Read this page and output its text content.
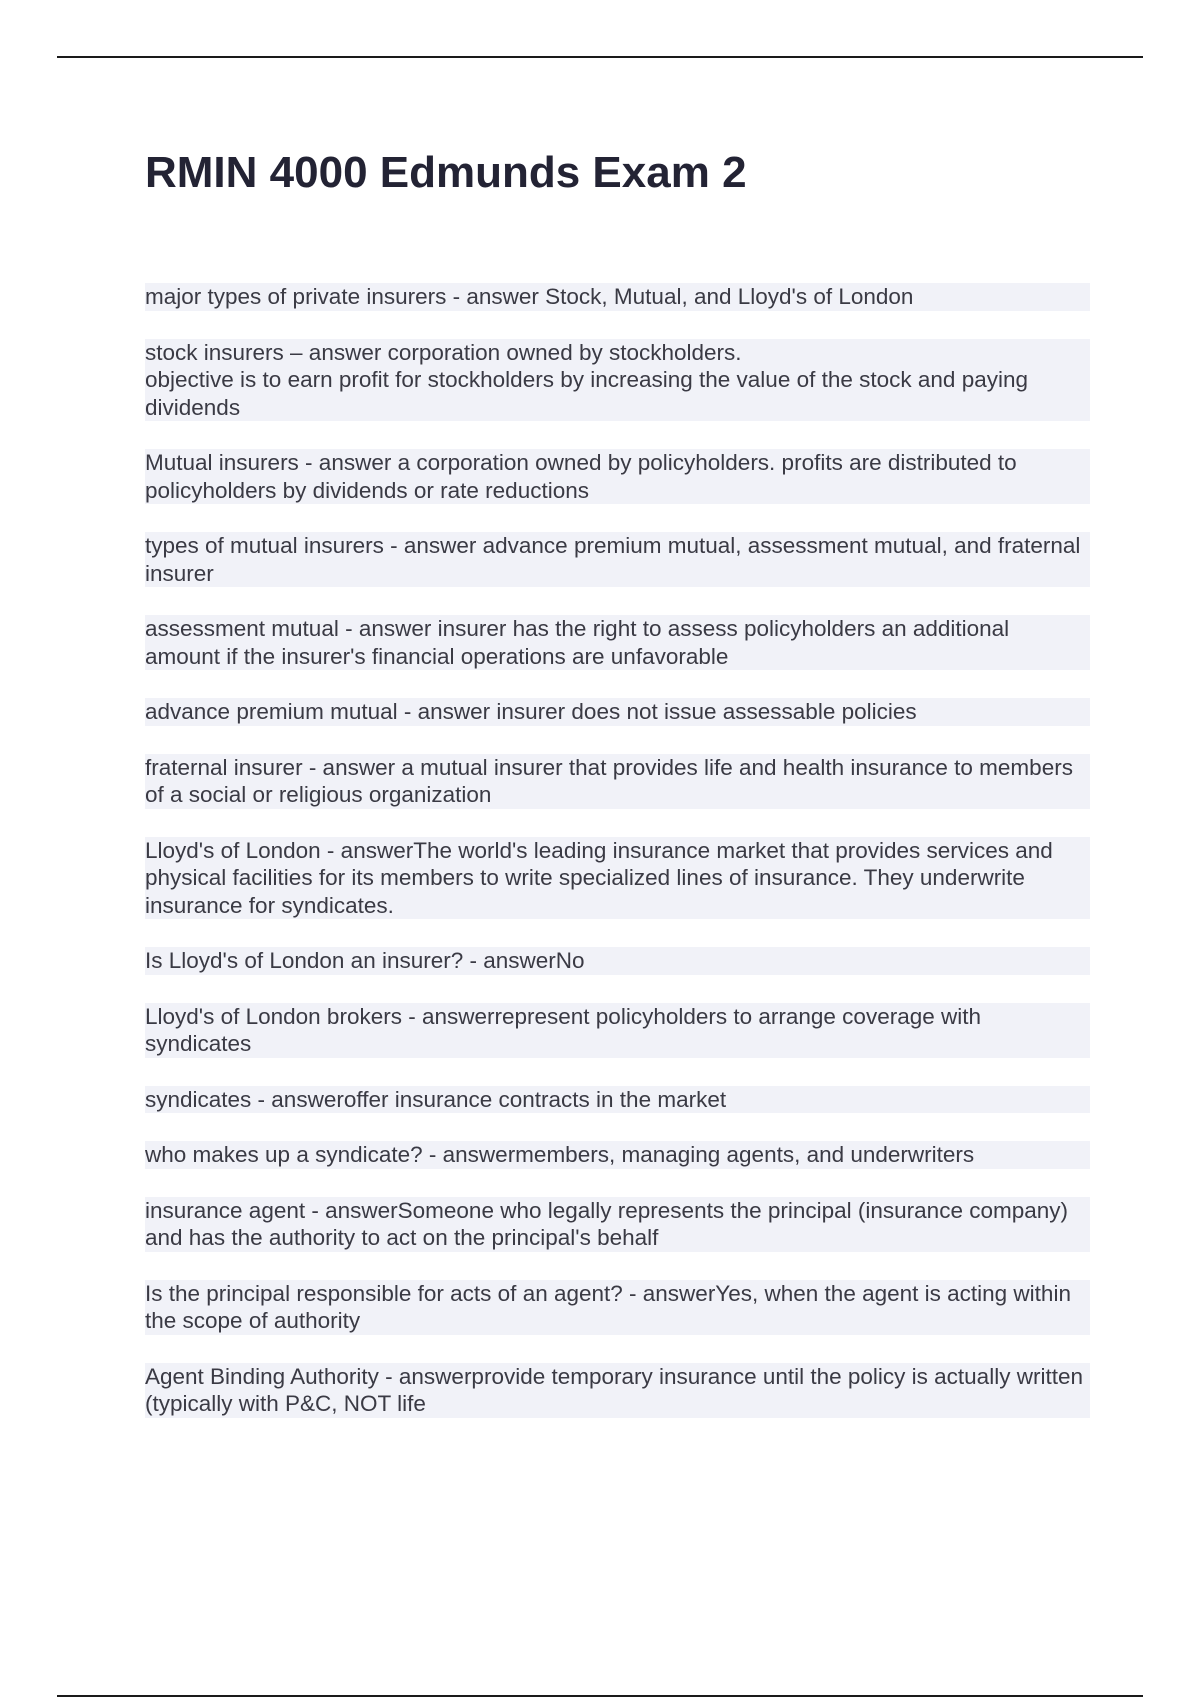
RMIN 4000 Edmunds Exam 2

major types of private insurers - answer Stock, Mutual, and Lloyd's of London

stock insurers – answer corporation owned by stockholders.
objective is to earn profit for stockholders by increasing the value of the stock and paying dividends

Mutual insurers - answer a corporation owned by policyholders. profits are distributed to policyholders by dividends or rate reductions

types of mutual insurers - answer advance premium mutual, assessment mutual, and fraternal insurer

assessment mutual - answer insurer has the right to assess policyholders an additional amount if the insurer's financial operations are unfavorable

advance premium mutual - answer insurer does not issue assessable policies

fraternal insurer - answer a mutual insurer that provides life and health insurance to members of a social or religious organization

Lloyd's of London - answerThe world's leading insurance market that provides services and physical facilities for its members to write specialized lines of insurance. They underwrite insurance for syndicates.

Is Lloyd's of London an insurer? - answerNo

Lloyd's of London brokers - answerrepresent policyholders to arrange coverage with syndicates

syndicates - answeroffer insurance contracts in the market

who makes up a syndicate? - answermembers, managing agents, and underwriters

insurance agent - answerSomeone who legally represents the principal (insurance company) and has the authority to act on the principal's behalf

Is the principal responsible for acts of an agent? - answerYes, when the agent is acting within the scope of authority

Agent Binding Authority - answerprovide temporary insurance until the policy is actually written (typically with P&C, NOT life
